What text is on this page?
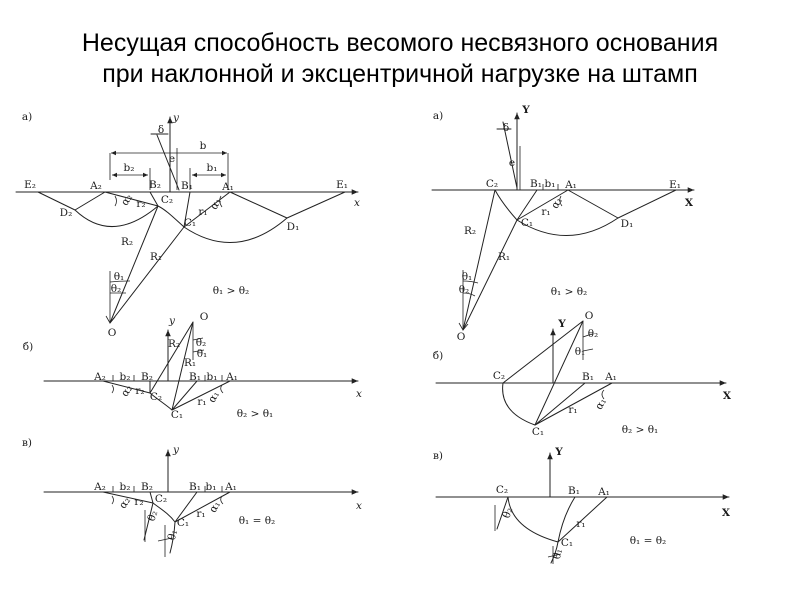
Несущая способность весомого несвязного основания
при наклонной и эксцентричной нагрузке на штамп
а)	y
δ
b
e
b₂	b₁
E₂	A₂	B₂ B₁	A₁	E₁
x
D₂
α₂ r₂ C₂
r₁
α₁
C₁	D₁
R₂
R₁
θ₁
θ₂
O
θ₁ > θ₂
б)
O
y
R₂ θ₂
θ₁
R₁
A₂ b₂ B₂	B₁ b₁ A₁
x
α₂ r₂ C₂	r₁ α₁
C₁	θ₂ > θ₁
в)
y
A₂ b₂ B₂	B₁ b₁ A₁
x
α₂ r₂ C₂
θ₂ C₁
θ₁
r₁ α₁
θ₁ = θ₂
а)	Y
δ
e
C₂	B₁ b₁ A₁	E₁
X
α₁
r₁
C₁	D₁
R₂
R₁
θ₁
θ₂
O
θ₁ > θ₂
б)
Y
O
θ₂
θ₁
C₂	B₁ A₁
X
r₁ α₁
C₁	θ₂ > θ₁
в)	Y
C₂	B₁ A₁
X
θ₂
r₁
C₁
θ₁
θ₁ = θ₂
